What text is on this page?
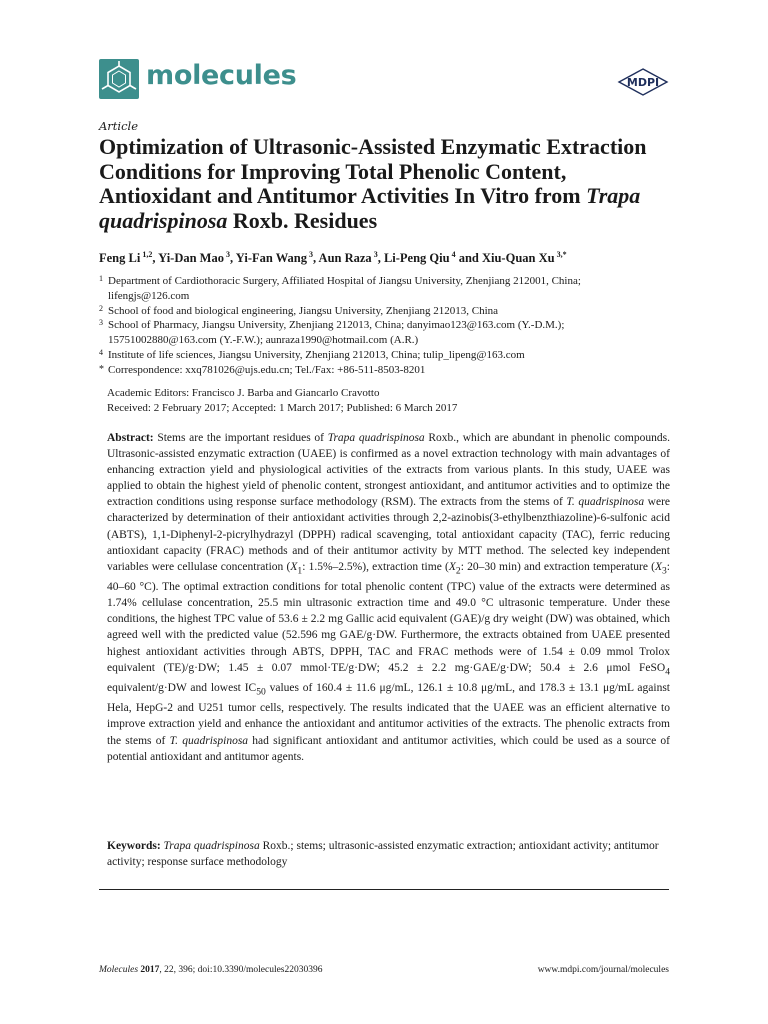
molecules	MDPI
Article
Optimization of Ultrasonic-Assisted Enzymatic Extraction Conditions for Improving Total Phenolic Content, Antioxidant and Antitumor Activities In Vitro from Trapa quadrispinosa Roxb. Residues
Feng Li $^{1,2}$, Yi-Dan Mao $^3$, Yi-Fan Wang $^3$, Aun Raza $^3$, Li-Peng Qiu $^4$ and Xiu-Quan Xu $^{3,*}$
1 Department of Cardiothoracic Surgery, Affiliated Hospital of Jiangsu University, Zhenjiang 212001, China;
lifengjs@126.com
2 School of food and biological engineering, Jiangsu University, Zhenjiang 212013, China
3 School of Pharmacy, Jiangsu University, Zhenjiang 212013, China; danyimao123@163.com (Y.-D.M.);
15751002880@163.com (Y.-F.W.); aunraza1990@hotmail.com (A.R.)
4 Institute of life sciences, Jiangsu University, Zhenjiang 212013, China; tulip_lipeng@163.com
* Correspondence: xxq781026@ujs.edu.cn; Tel./Fax: +86-511-8503-8201
Academic Editors: Francisco J. Barba and Giancarlo Cravotto
Received: 2 February 2017; Accepted: 1 March 2017; Published: 6 March 2017

Abstract: Stems are the important residues of Trapa quadrispinosa Roxb., which are abundant in phenolic compounds. Ultrasonic-assisted enzymatic extraction (UAEE) is confirmed as a novel extraction technology with main advantages of enhancing extraction yield and physiological activities of the extracts from various plants. In this study, UAEE was applied to obtain the highest yield of phenolic content, strongest antioxidant, and antitumor activities and to optimize the extraction conditions using response surface methodology (RSM). The extracts from the stems of T. quadrispinosa were characterized by determination of their antioxidant activities through 2,2-azinobis(3-ethylbenzthiazoline)-6-sulfonic acid (ABTS), 1,1-Diphenyl-2-picrylhydrazyl (DPPH) radical scavenging, total antioxidant capacity (TAC), ferric reducing antioxidant capacity (FRAC) methods and of their antitumor activity by MTT method. The selected key independent variables were cellulase concentration ($X_1$: 1.5%–2.5%), extraction time ($X_2$: 20–30 min) and extraction temperature ($X_3$: 40–60 °C). The optimal extraction conditions for total phenolic content (TPC) value of the extracts were determined as 1.74% cellulase concentration, 25.5 min ultrasonic extraction time and 49.0 °C ultrasonic temperature. Under these conditions, the highest TPC value of 53.6 ± 2.2 mg Gallic acid equivalent (GAE)/g dry weight (DW) was obtained, which agreed well with the predicted value (52.596 mg GAE/g·DW. Furthermore, the extracts obtained from UAEE presented highest antioxidant activities through ABTS, DPPH, TAC and FRAC methods were of 1.54 ± 0.09 mmol Trolox equivalent (TE)/g·DW; 1.45 ± 0.07 mmol·TE/g·DW; 45.2 ± 2.2 mg·GAE/g·DW; 50.4 ± 2.6 μmol FeSO$_4$ equivalent/g·DW and lowest $IC_{50}$ values of 160.4 ± 11.6 μg/mL, 126.1 ± 10.8 μg/mL, and 178.3 ± 13.1 μg/mL against Hela, HepG-2 and U251 tumor cells, respectively. The results indicated that the UAEE was an efficient alternative to improve extraction yield and enhance the antioxidant and antitumor activities of the extracts. The phenolic extracts from the stems of T. quadrispinosa had significant antioxidant and antitumor activities, which could be used as a source of potential antioxidant and antitumor agents.

Keywords: Trapa quadrispinosa Roxb.; stems; ultrasonic-assisted enzymatic extraction; antioxidant activity; antitumor activity; response surface methodology

Molecules 2017, 22, 396; doi:10.3390/molecules22030396	www.mdpi.com/journal/molecules
